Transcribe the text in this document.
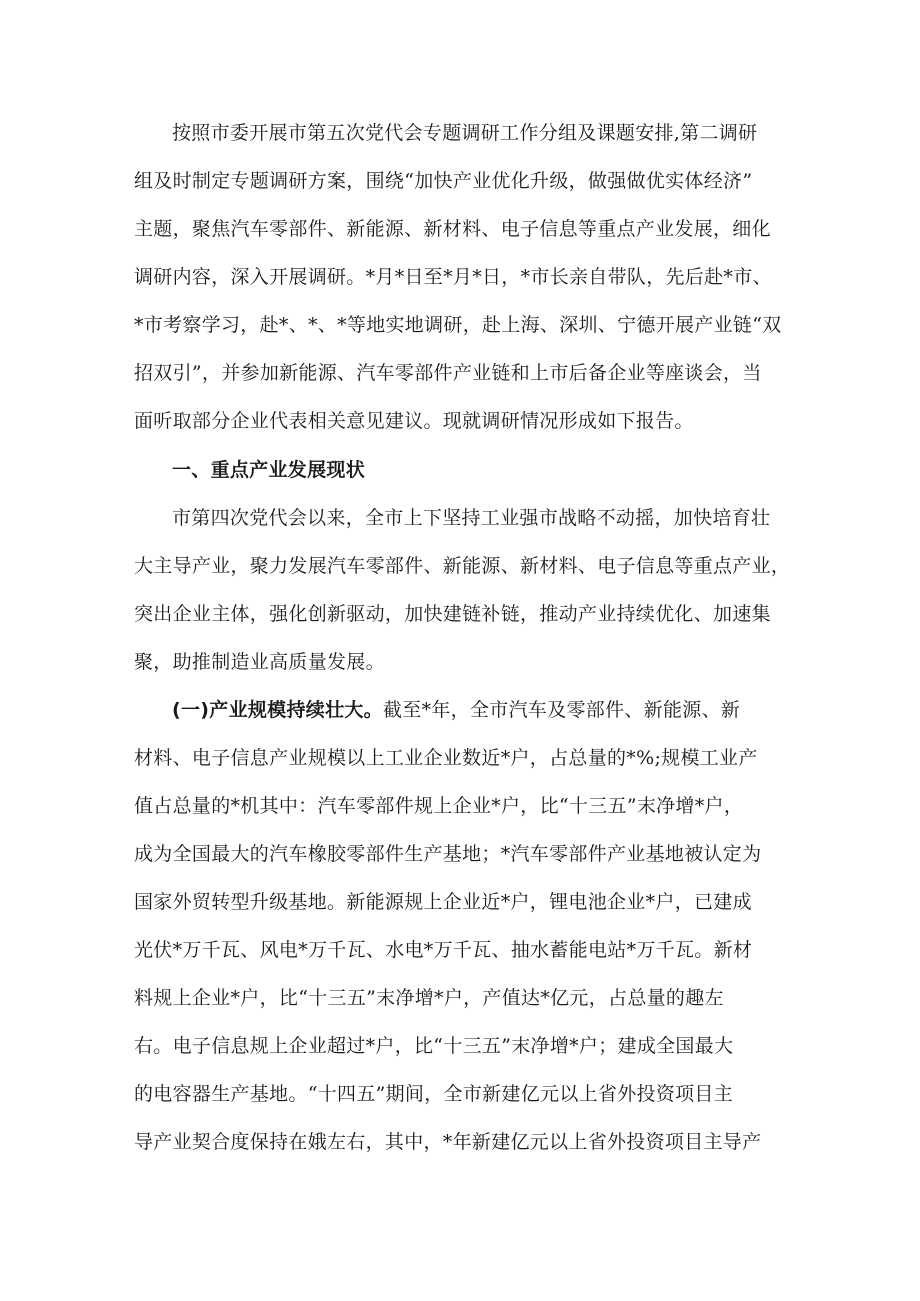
按照市委开展市第五次党代会专题调研工作分组及课题安排,第二调研
组及时制定专题调研方案，围绕“加快产业优化升级，做强做优实体经济”
主题，聚焦汽车零部件、新能源、新材料、电子信息等重点产业发展，细化
调研内容，深入开展调研。*月*日至*月*日，*市长亲自带队，先后赴*市、
*市考察学习，赴*、*、*等地实地调研，赴上海、深圳、宁德开展产业链“双
招双引”，并参加新能源、汽车零部件产业链和上市后备企业等座谈会，当
面听取部分企业代表相关意见建议。现就调研情况形成如下报告。
一、重点产业发展现状
市第四次党代会以来，全市上下坚持工业强市战略不动摇，加快培育壮
大主导产业，聚力发展汽车零部件、新能源、新材料、电子信息等重点产业，
突出企业主体，强化创新驱动，加快建链补链，推动产业持续优化、加速集
聚，助推制造业高质量发展。
(一)产业规模持续壮大。截至*年，全市汽车及零部件、新能源、新
材料、电子信息产业规模以上工业企业数近*户，占总量的*%;规模工业产
值占总量的*机其中：汽车零部件规上企业*户，比“十三五”末净增*户，
成为全国最大的汽车橡胶零部件生产基地；*汽车零部件产业基地被认定为
国家外贸转型升级基地。新能源规上企业近*户，锂电池企业*户，已建成
光伏*万千瓦、风电*万千瓦、水电*万千瓦、抽水蓄能电站*万千瓦。新材
料规上企业*户，比“十三五”末净增*户，产值达*亿元，占总量的趣左
右。电子信息规上企业超过*户，比“十三五”末净增*户；建成全国最大
的电容器生产基地。“十四五”期间，全市新建亿元以上省外投资项目主
导产业契合度保持在娥左右，其中，*年新建亿元以上省外投资项目主导产
